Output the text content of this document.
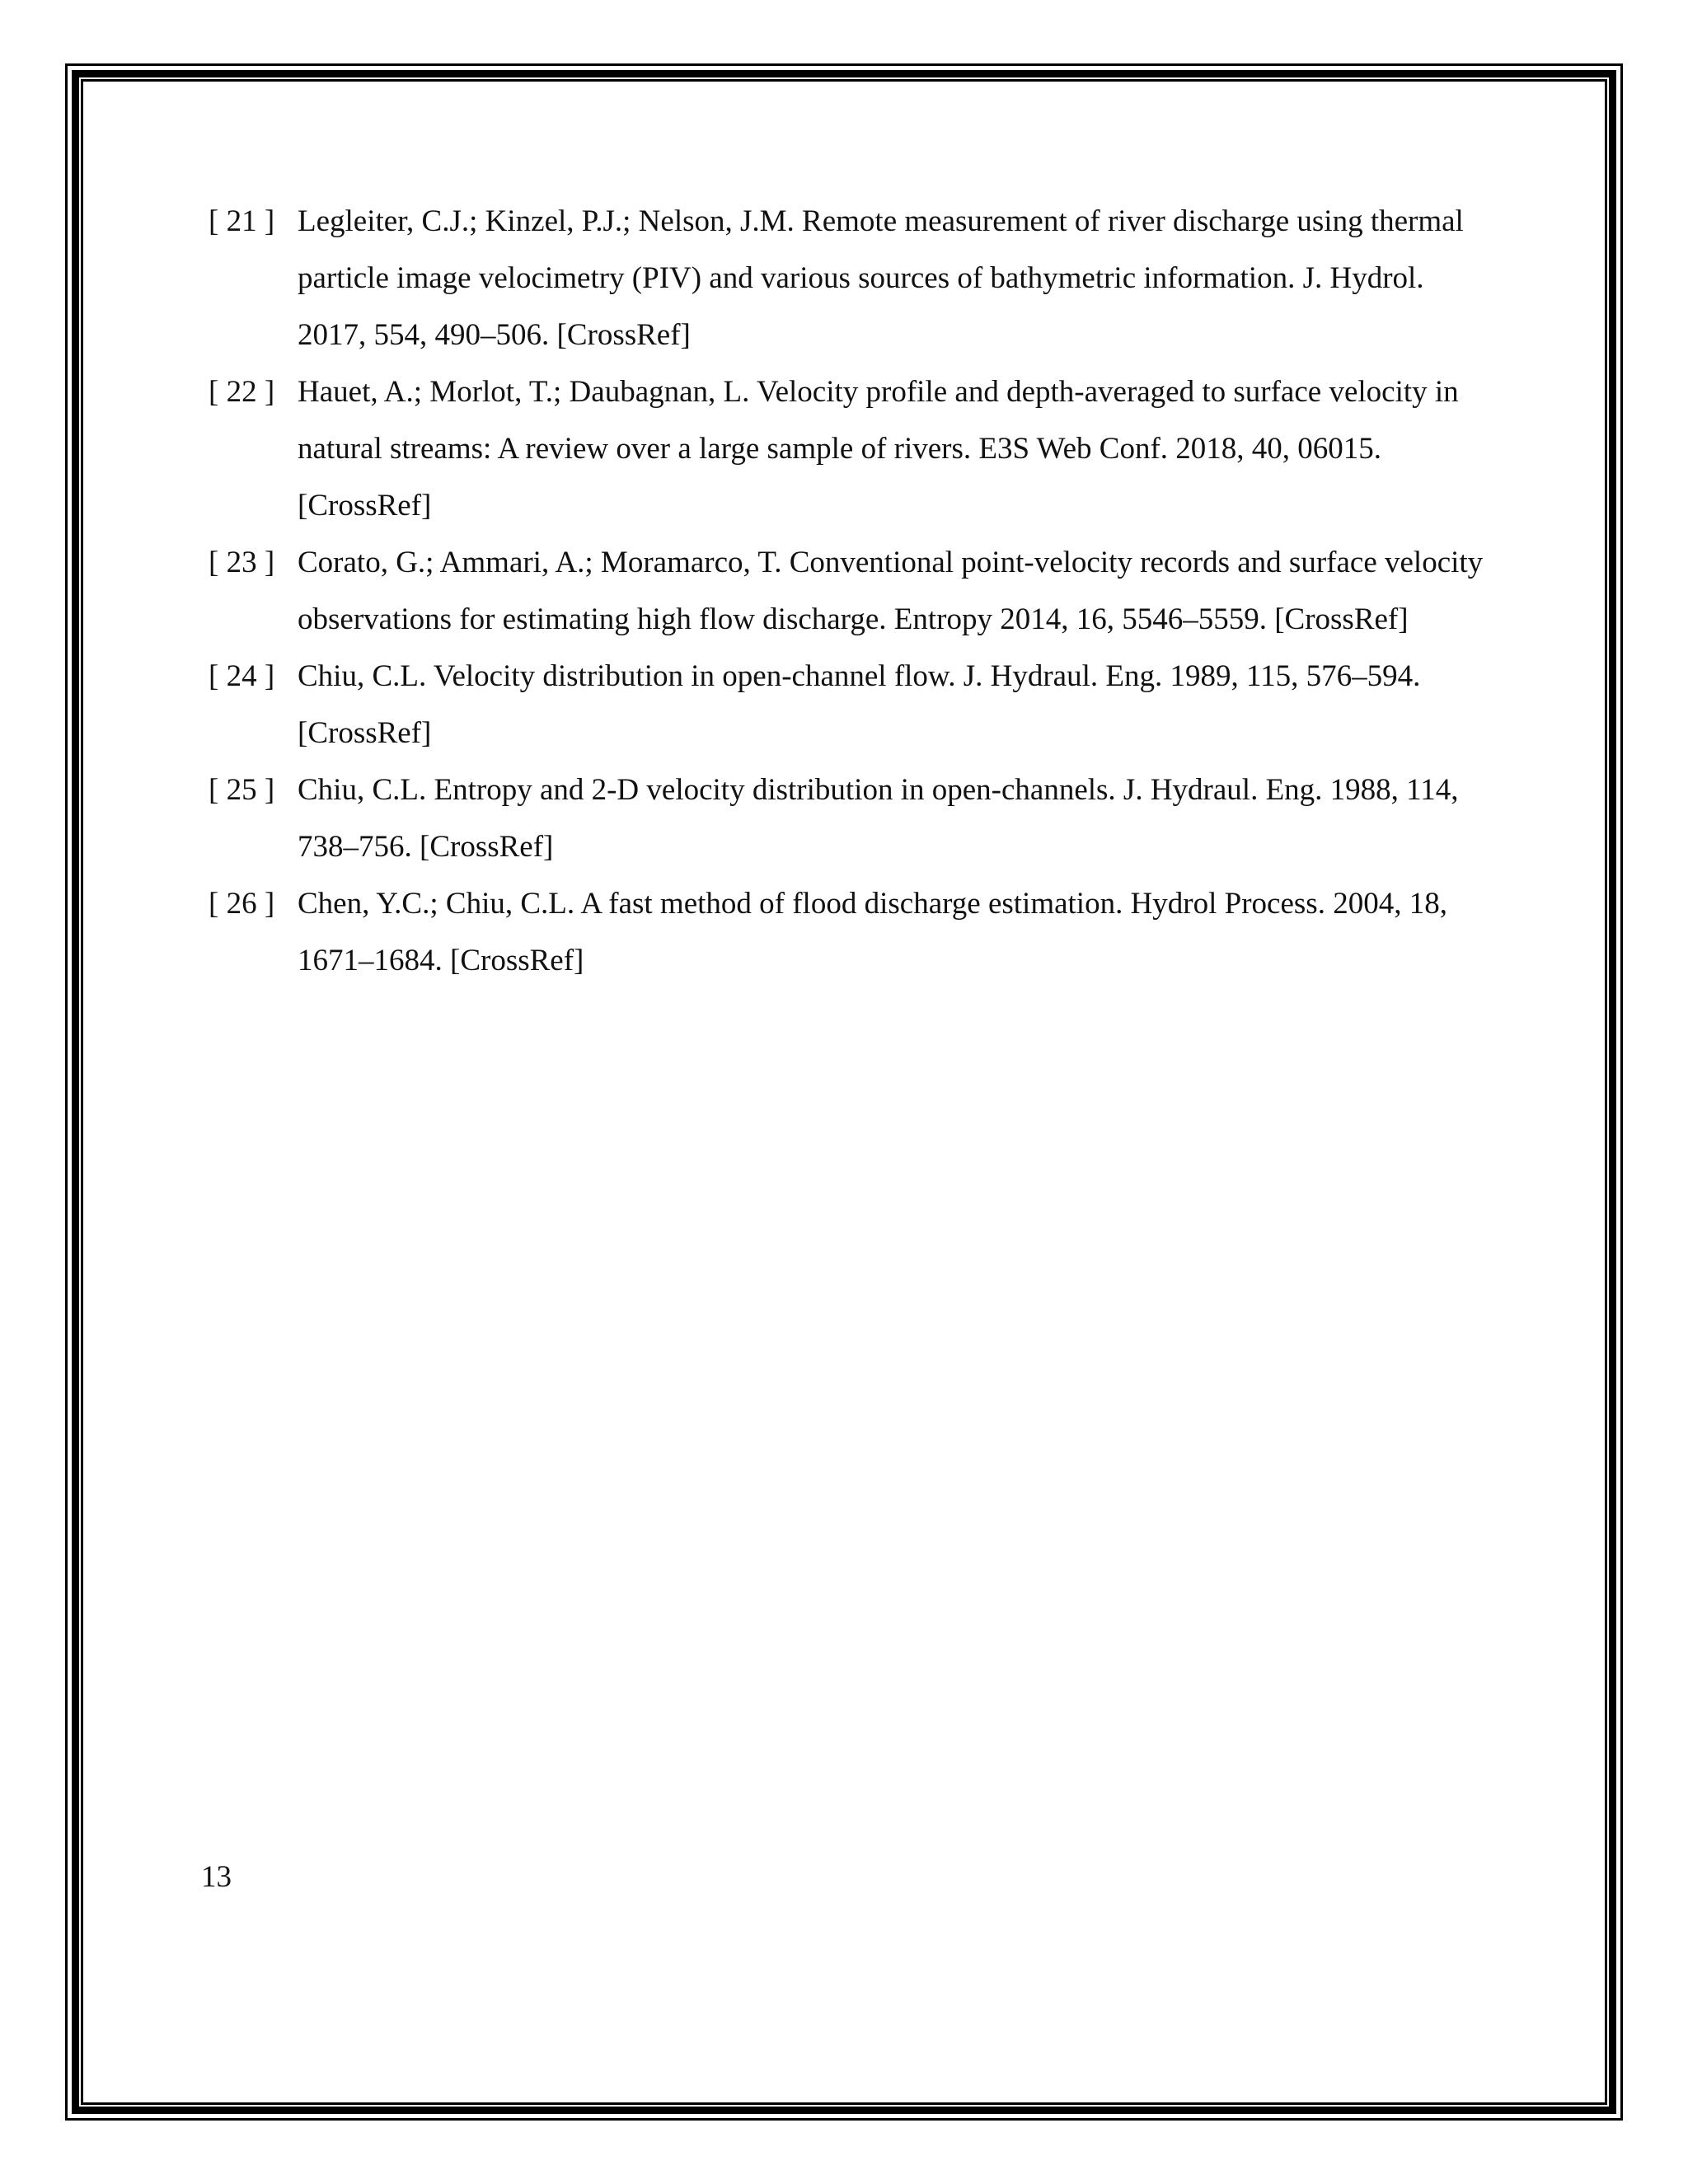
[ 21 ] Legleiter, C.J.; Kinzel, P.J.; Nelson, J.M. Remote measurement of river discharge using thermal particle image velocimetry (PIV) and various sources of bathymetric information. J. Hydrol. 2017, 554, 490–506. [CrossRef]
[ 22 ] Hauet, A.; Morlot, T.; Daubagnan, L. Velocity profile and depth-averaged to surface velocity in natural streams: A review over a large sample of rivers. E3S Web Conf. 2018, 40, 06015. [CrossRef]
[ 23 ] Corato, G.; Ammari, A.; Moramarco, T. Conventional point-velocity records and surface velocity observations for estimating high flow discharge. Entropy 2014, 16, 5546–5559. [CrossRef]
[ 24 ] Chiu, C.L. Velocity distribution in open-channel flow. J. Hydraul. Eng. 1989, 115, 576–594. [CrossRef]
[ 25 ] Chiu, C.L. Entropy and 2-D velocity distribution in open-channels. J. Hydraul. Eng. 1988, 114, 738–756. [CrossRef]
[ 26 ] Chen, Y.C.; Chiu, C.L. A fast method of flood discharge estimation. Hydrol Process. 2004, 18, 1671–1684. [CrossRef]
13
